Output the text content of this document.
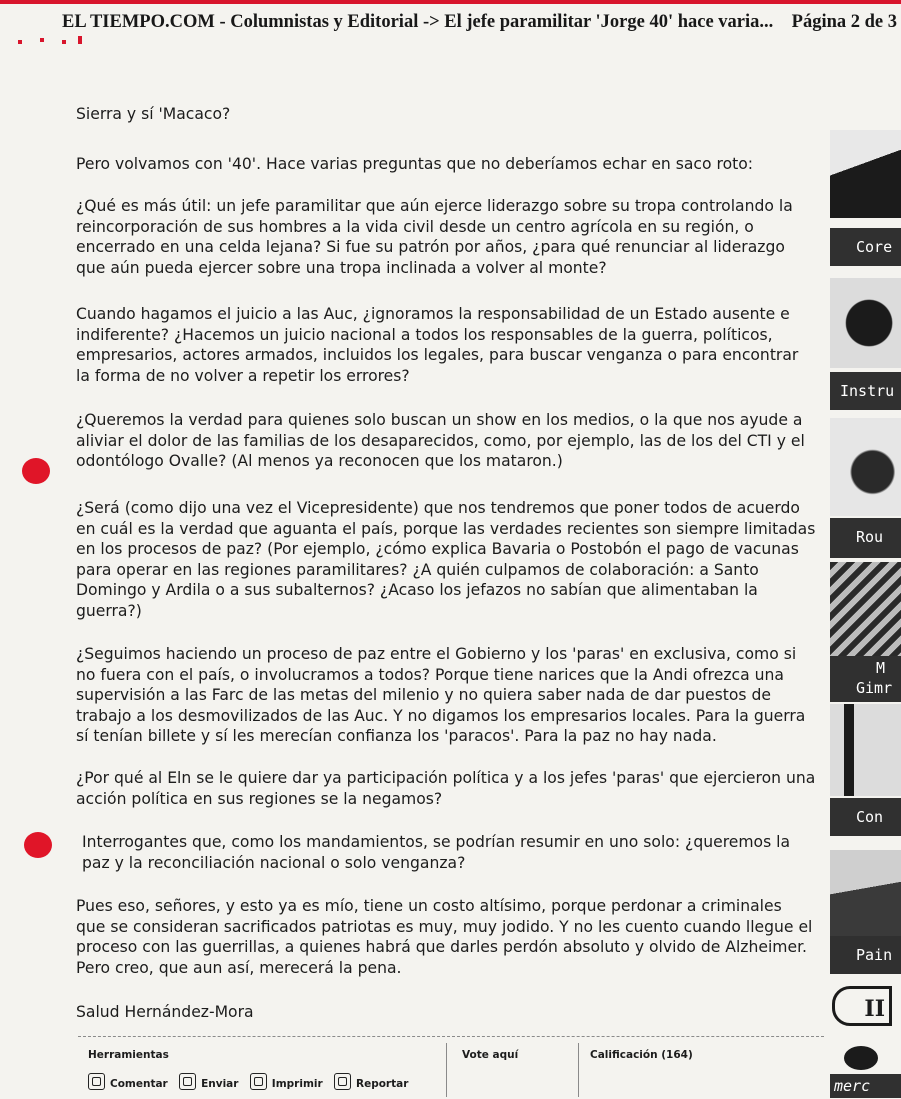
EL TIEMPO.COM - Columnistas y Editorial -> El jefe paramilitar 'Jorge 40' hace varia... Página 2 de 3

Sierra y sí 'Macaco?

Pero volvamos con '40'. Hace varias preguntas que no deberíamos echar en saco roto:

¿Qué es más útil: un jefe paramilitar que aún ejerce liderazgo sobre su tropa controlando la reincorporación de sus hombres a la vida civil desde un centro agrícola en su región, o encerrado en una celda lejana? Si fue su patrón por años, ¿para qué renunciar al liderazgo que aún pueda ejercer sobre una tropa inclinada a volver al monte?

Cuando hagamos el juicio a las Auc, ¿ignoramos la responsabilidad de un Estado ausente e indiferente? ¿Hacemos un juicio nacional a todos los responsables de la guerra, políticos, empresarios, actores armados, incluidos los legales, para buscar venganza o para encontrar la forma de no volver a repetir los errores?

¿Queremos la verdad para quienes solo buscan un show en los medios, o la que nos ayude a aliviar el dolor de las familias de los desaparecidos, como, por ejemplo, las de los del CTI y el odontólogo Ovalle? (Al menos ya reconocen que los mataron.)

¿Será (como dijo una vez el Vicepresidente) que nos tendremos que poner todos de acuerdo en cuál es la verdad que aguanta el país, porque las verdades recientes son siempre limitadas en los procesos de paz? (Por ejemplo, ¿cómo explica Bavaria o Postobón el pago de vacunas para operar en las regiones paramilitares? ¿A quién culpamos de colaboración: a Santo Domingo y Ardila o a sus subalternos? ¿Acaso los jefazos no sabían que alimentaban la guerra?)

¿Seguimos haciendo un proceso de paz entre el Gobierno y los 'paras' en exclusiva, como si no fuera con el país, o involucramos a todos? Porque tiene narices que la Andi ofrezca una supervisión a las Farc de las metas del milenio y no quiera saber nada de dar puestos de trabajo a los desmovilizados de las Auc. Y no digamos los empresarios locales. Para la guerra sí tenían billete y sí les merecían confianza los 'paracos'. Para la paz no hay nada.

¿Por qué al Eln se le quiere dar ya participación política y a los jefes 'paras' que ejercieron una acción política en sus regiones se la negamos?

Interrogantes que, como los mandamientos, se podrían resumir en uno solo: ¿queremos la paz y la reconciliación nacional o solo venganza?

Pues eso, señores, y esto ya es mío, tiene un costo altísimo, porque perdonar a criminales que se consideran sacrificados patriotas es muy, muy jodido. Y no les cuento cuando llegue el proceso con las guerrillas, a quienes habrá que darles perdón absoluto y olvido de Alzheimer. Pero creo, que aun así, merecerá la pena.

Salud Hernández-Mora

Herramientas	Vote aquí	Calificación (164)
Comentar
	Enviar
	Imprimir
	Reportar
Core
Instru
Rou
M
Gimr
Con
Pain
II
merc
